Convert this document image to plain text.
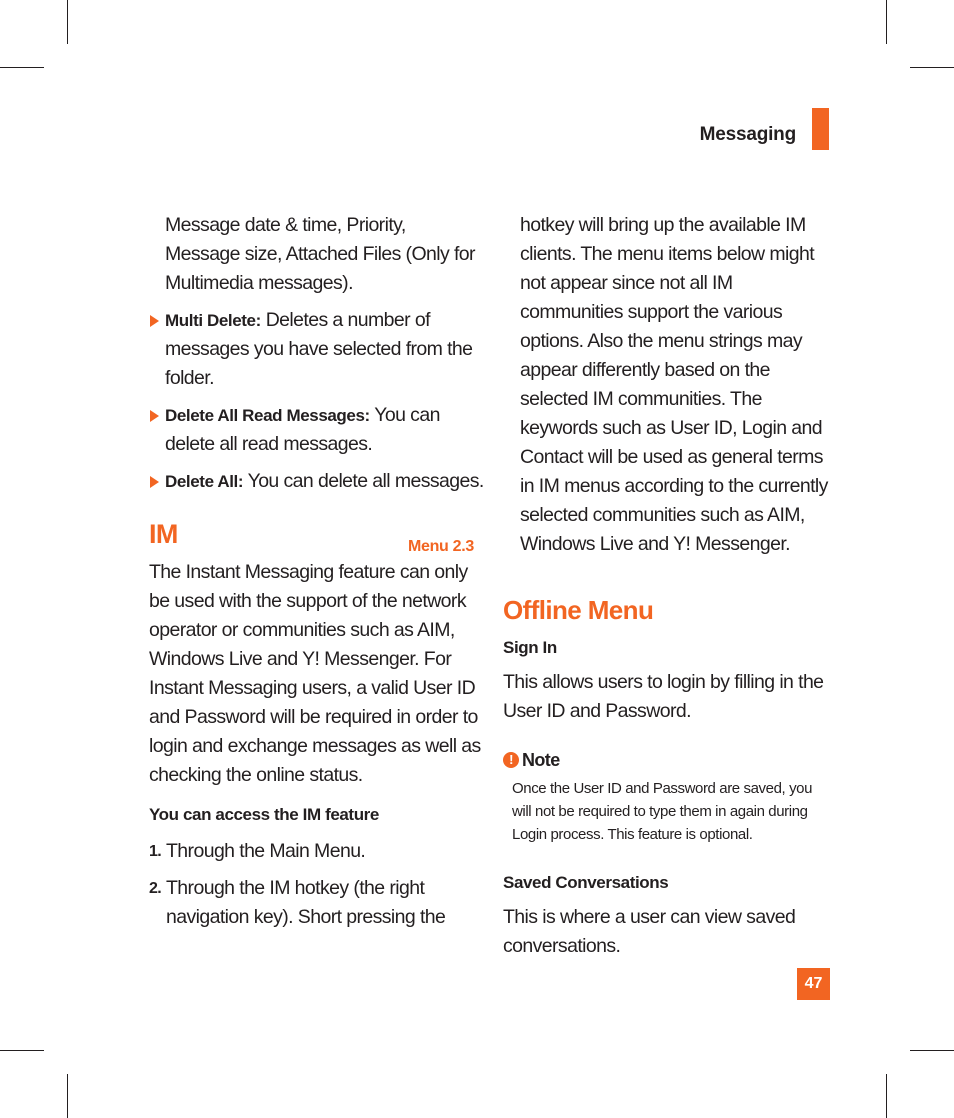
Messaging
Message date & time, Priority, Message size, Attached Files (Only for Multimedia messages).
Multi Delete: Deletes a number of messages you have selected from the folder.
Delete All Read Messages: You can delete all read messages.
Delete All: You can delete all messages.
IM	Menu 2.3
The Instant Messaging feature can only be used with the support of the network operator or communities such as AIM, Windows Live and Y! Messenger. For Instant Messaging users, a valid User ID and Password will be required in order to login and exchange messages as well as checking the online status.
You can access the IM feature
1. Through the Main Menu.
2. Through the IM hotkey (the right navigation key). Short pressing the
hotkey will bring up the available IM clients. The menu items below might not appear since not all IM communities support the various options. Also the menu strings may appear differently based on the selected IM communities. The keywords such as User ID, Login and Contact will be used as general terms in IM menus according to the currently selected communities such as AIM, Windows Live and Y! Messenger.
Offline Menu
Sign In
This allows users to login by filling in the User ID and Password.
! Note
Once the User ID and Password are saved, you will not be required to type them in again during Login process. This feature is optional.
Saved Conversations
This is where a user can view saved conversations.
47
